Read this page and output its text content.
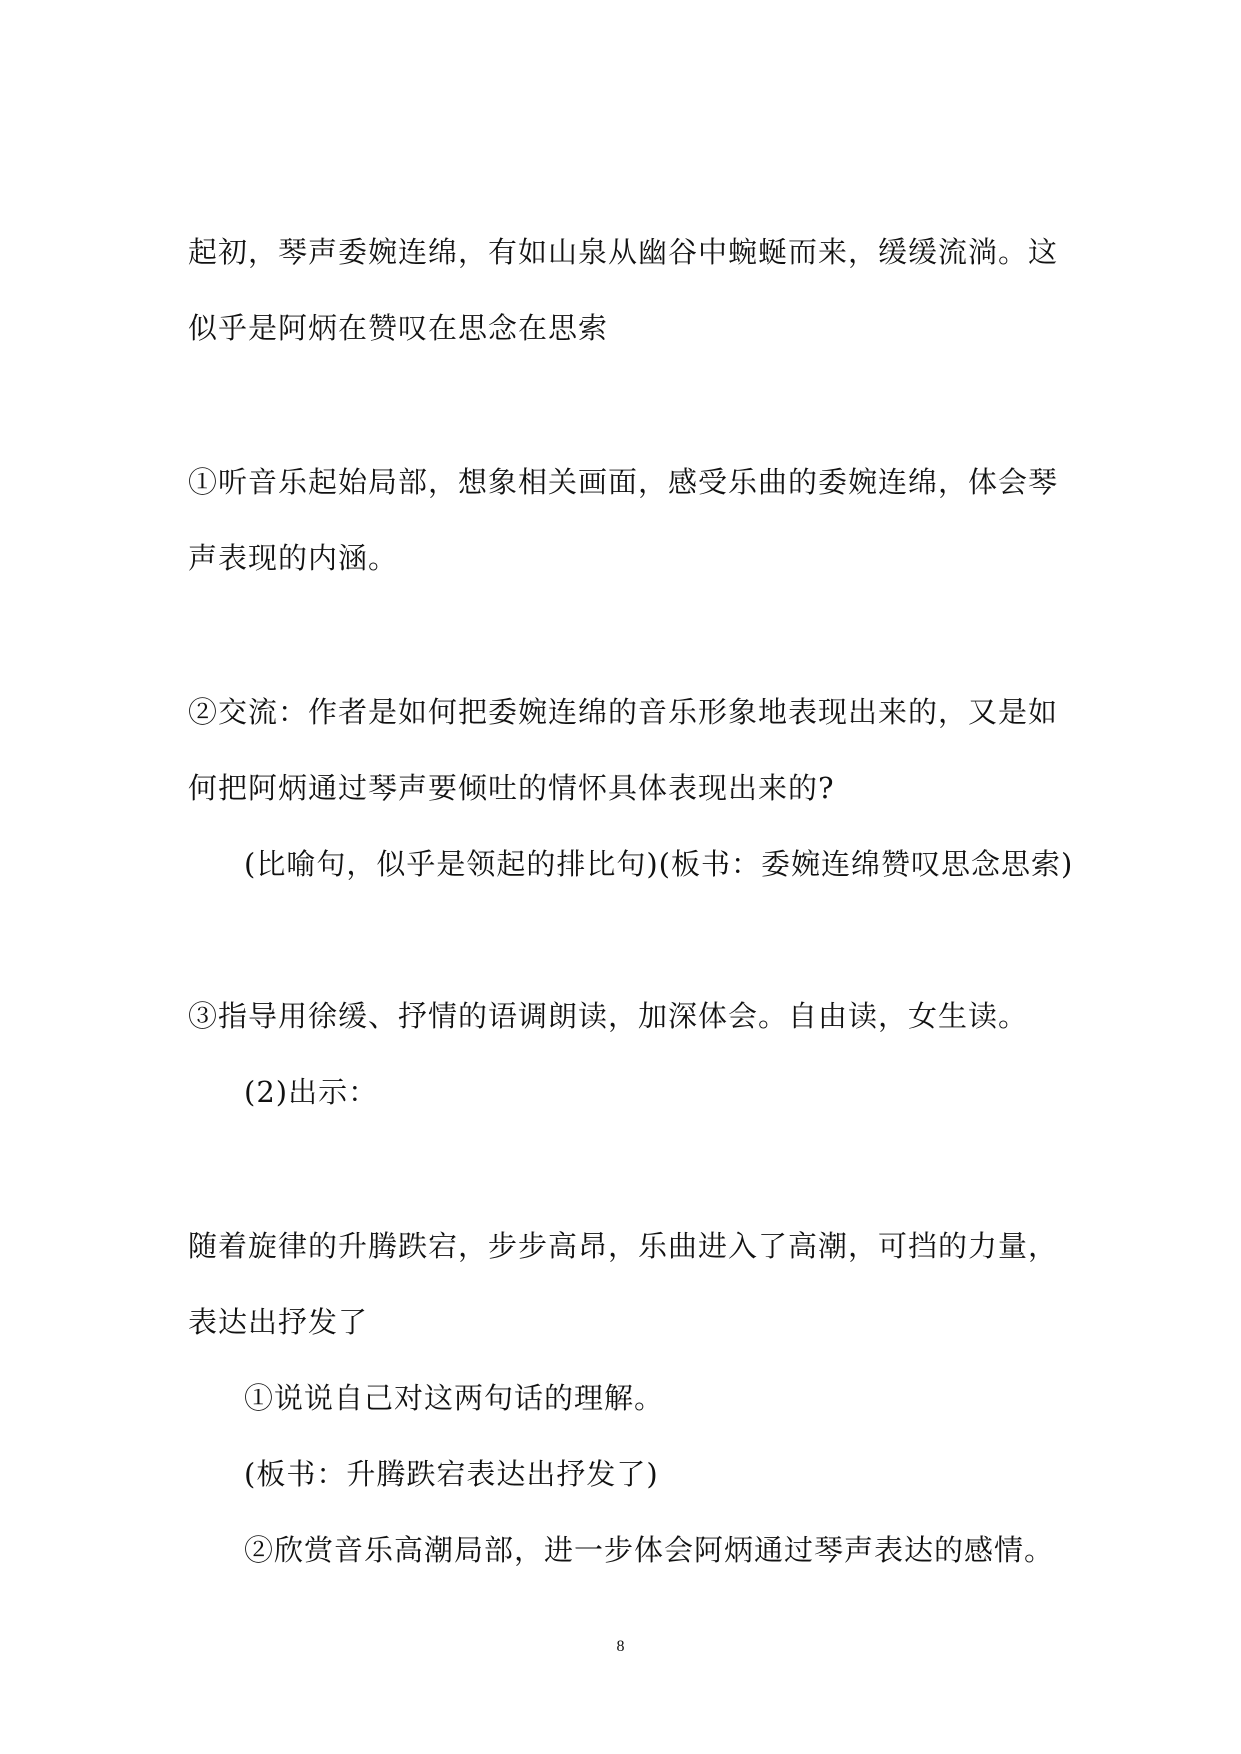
起初，琴声委婉连绵，有如山泉从幽谷中蜿蜒而来，缓缓流淌。这
似乎是阿炳在赞叹在思念在思索
①听音乐起始局部，想象相关画面，感受乐曲的委婉连绵，体会琴
声表现的内涵。
②交流：作者是如何把委婉连绵的音乐形象地表现出来的，又是如
何把阿炳通过琴声要倾吐的情怀具体表现出来的?
(比喻句，似乎是领起的排比句)(板书：委婉连绵赞叹思念思索)
③指导用徐缓、抒情的语调朗读，加深体会。自由读，女生读。
(2)出示：
随着旋律的升腾跌宕，步步高昂，乐曲进入了高潮，可挡的力量，
表达出抒发了
①说说自己对这两句话的理解。
(板书：升腾跌宕表达出抒发了)
②欣赏音乐高潮局部，进一步体会阿炳通过琴声表达的感情。
8
